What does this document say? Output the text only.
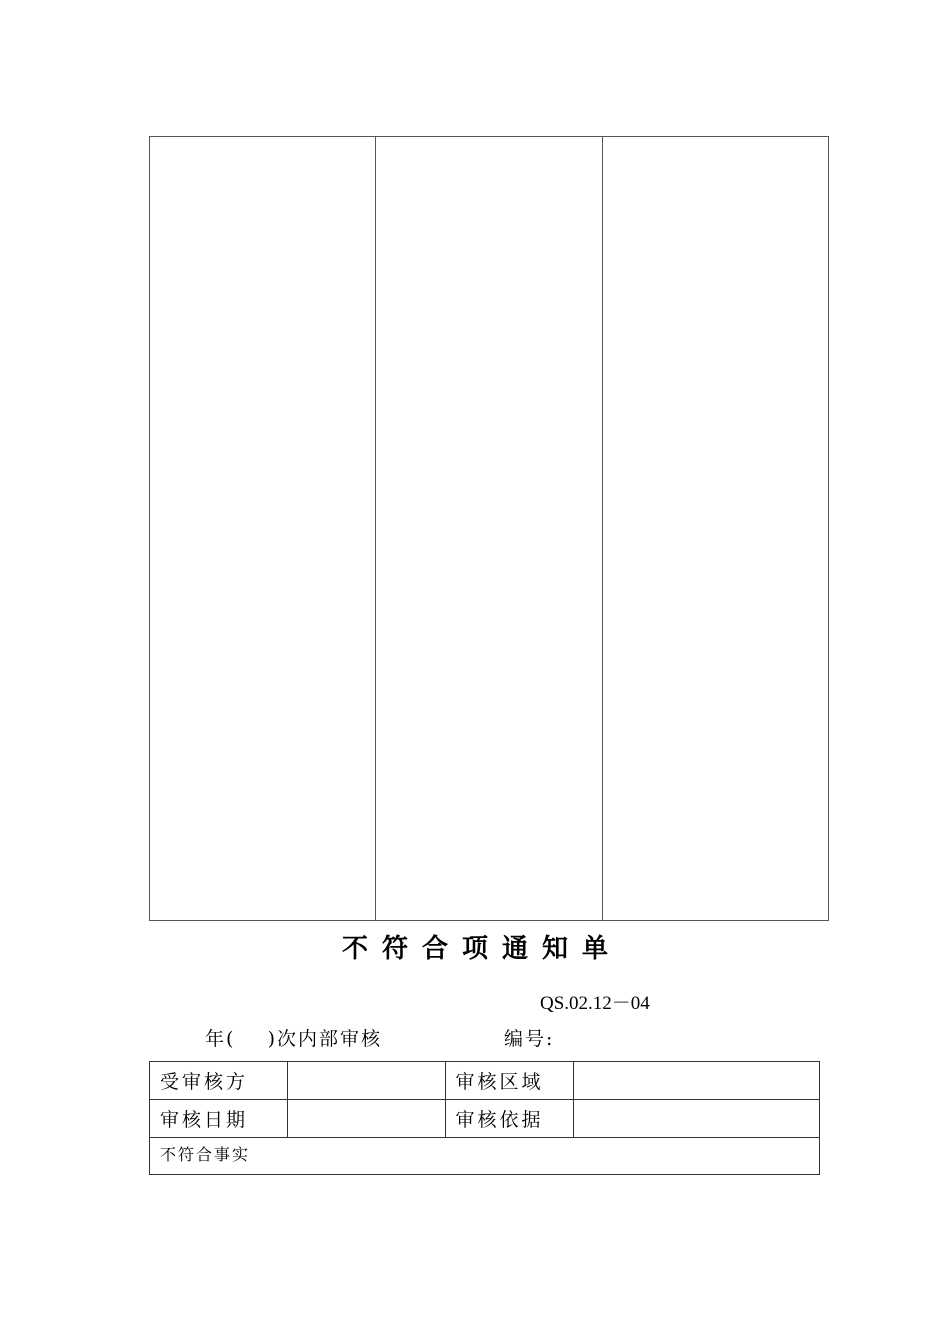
不符合项通知单
QS.02.12－04
年(    )次内部审核	编号:
受审核方		审核区域	
审核日期		审核依据	
不符合事实			
